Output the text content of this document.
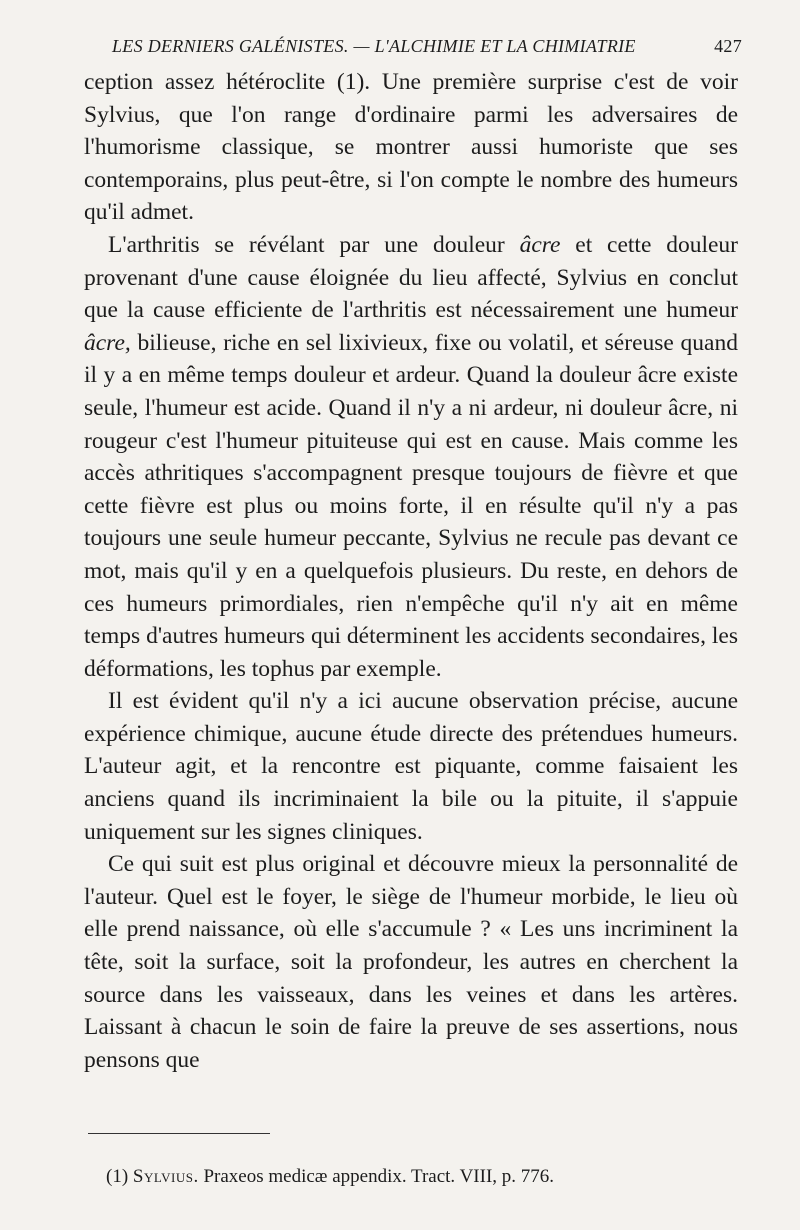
LES DERNIERS GALÉNISTES. — L'ALCHIMIE ET LA CHIMIATRIE	427

ception assez hétéroclite (1). Une première surprise c'est de voir Sylvius, que l'on range d'ordinaire parmi les adversaires de l'humorisme classique, se montrer aussi humoriste que ses contemporains, plus peut-être, si l'on compte le nombre des humeurs qu'il admet.

L'arthritis se révélant par une douleur âcre et cette douleur provenant d'une cause éloignée du lieu affecté, Sylvius en conclut que la cause efficiente de l'arthritis est nécessairement une humeur âcre, bilieuse, riche en sel lixivieux, fixe ou volatil, et séreuse quand il y a en même temps douleur et ardeur. Quand la douleur âcre existe seule, l'humeur est acide. Quand il n'y a ni ardeur, ni douleur âcre, ni rougeur c'est l'humeur pituiteuse qui est en cause. Mais comme les accès athritiques s'accompagnent presque toujours de fièvre et que cette fièvre est plus ou moins forte, il en résulte qu'il n'y a pas toujours une seule humeur peccante, Sylvius ne recule pas devant ce mot, mais qu'il y en a quelquefois plusieurs. Du reste, en dehors de ces humeurs primordiales, rien n'empêche qu'il n'y ait en même temps d'autres humeurs qui déterminent les accidents secondaires, les déformations, les tophus par exemple.

Il est évident qu'il n'y a ici aucune observation précise, aucune expérience chimique, aucune étude directe des prétendues humeurs. L'auteur agit, et la rencontre est piquante, comme faisaient les anciens quand ils incriminaient la bile ou la pituite, il s'appuie uniquement sur les signes cliniques.

Ce qui suit est plus original et découvre mieux la personnalité de l'auteur. Quel est le foyer, le siège de l'humeur morbide, le lieu où elle prend naissance, où elle s'accumule ? « Les uns incriminent la tête, soit la surface, soit la profondeur, les autres en cherchent la source dans les vaisseaux, dans les veines et dans les artères. Laissant à chacun le soin de faire la preuve de ses assertions, nous pensons que

(1) Sylvius. Praxeos medicæ appendix. Tract. VIII, p. 776.
